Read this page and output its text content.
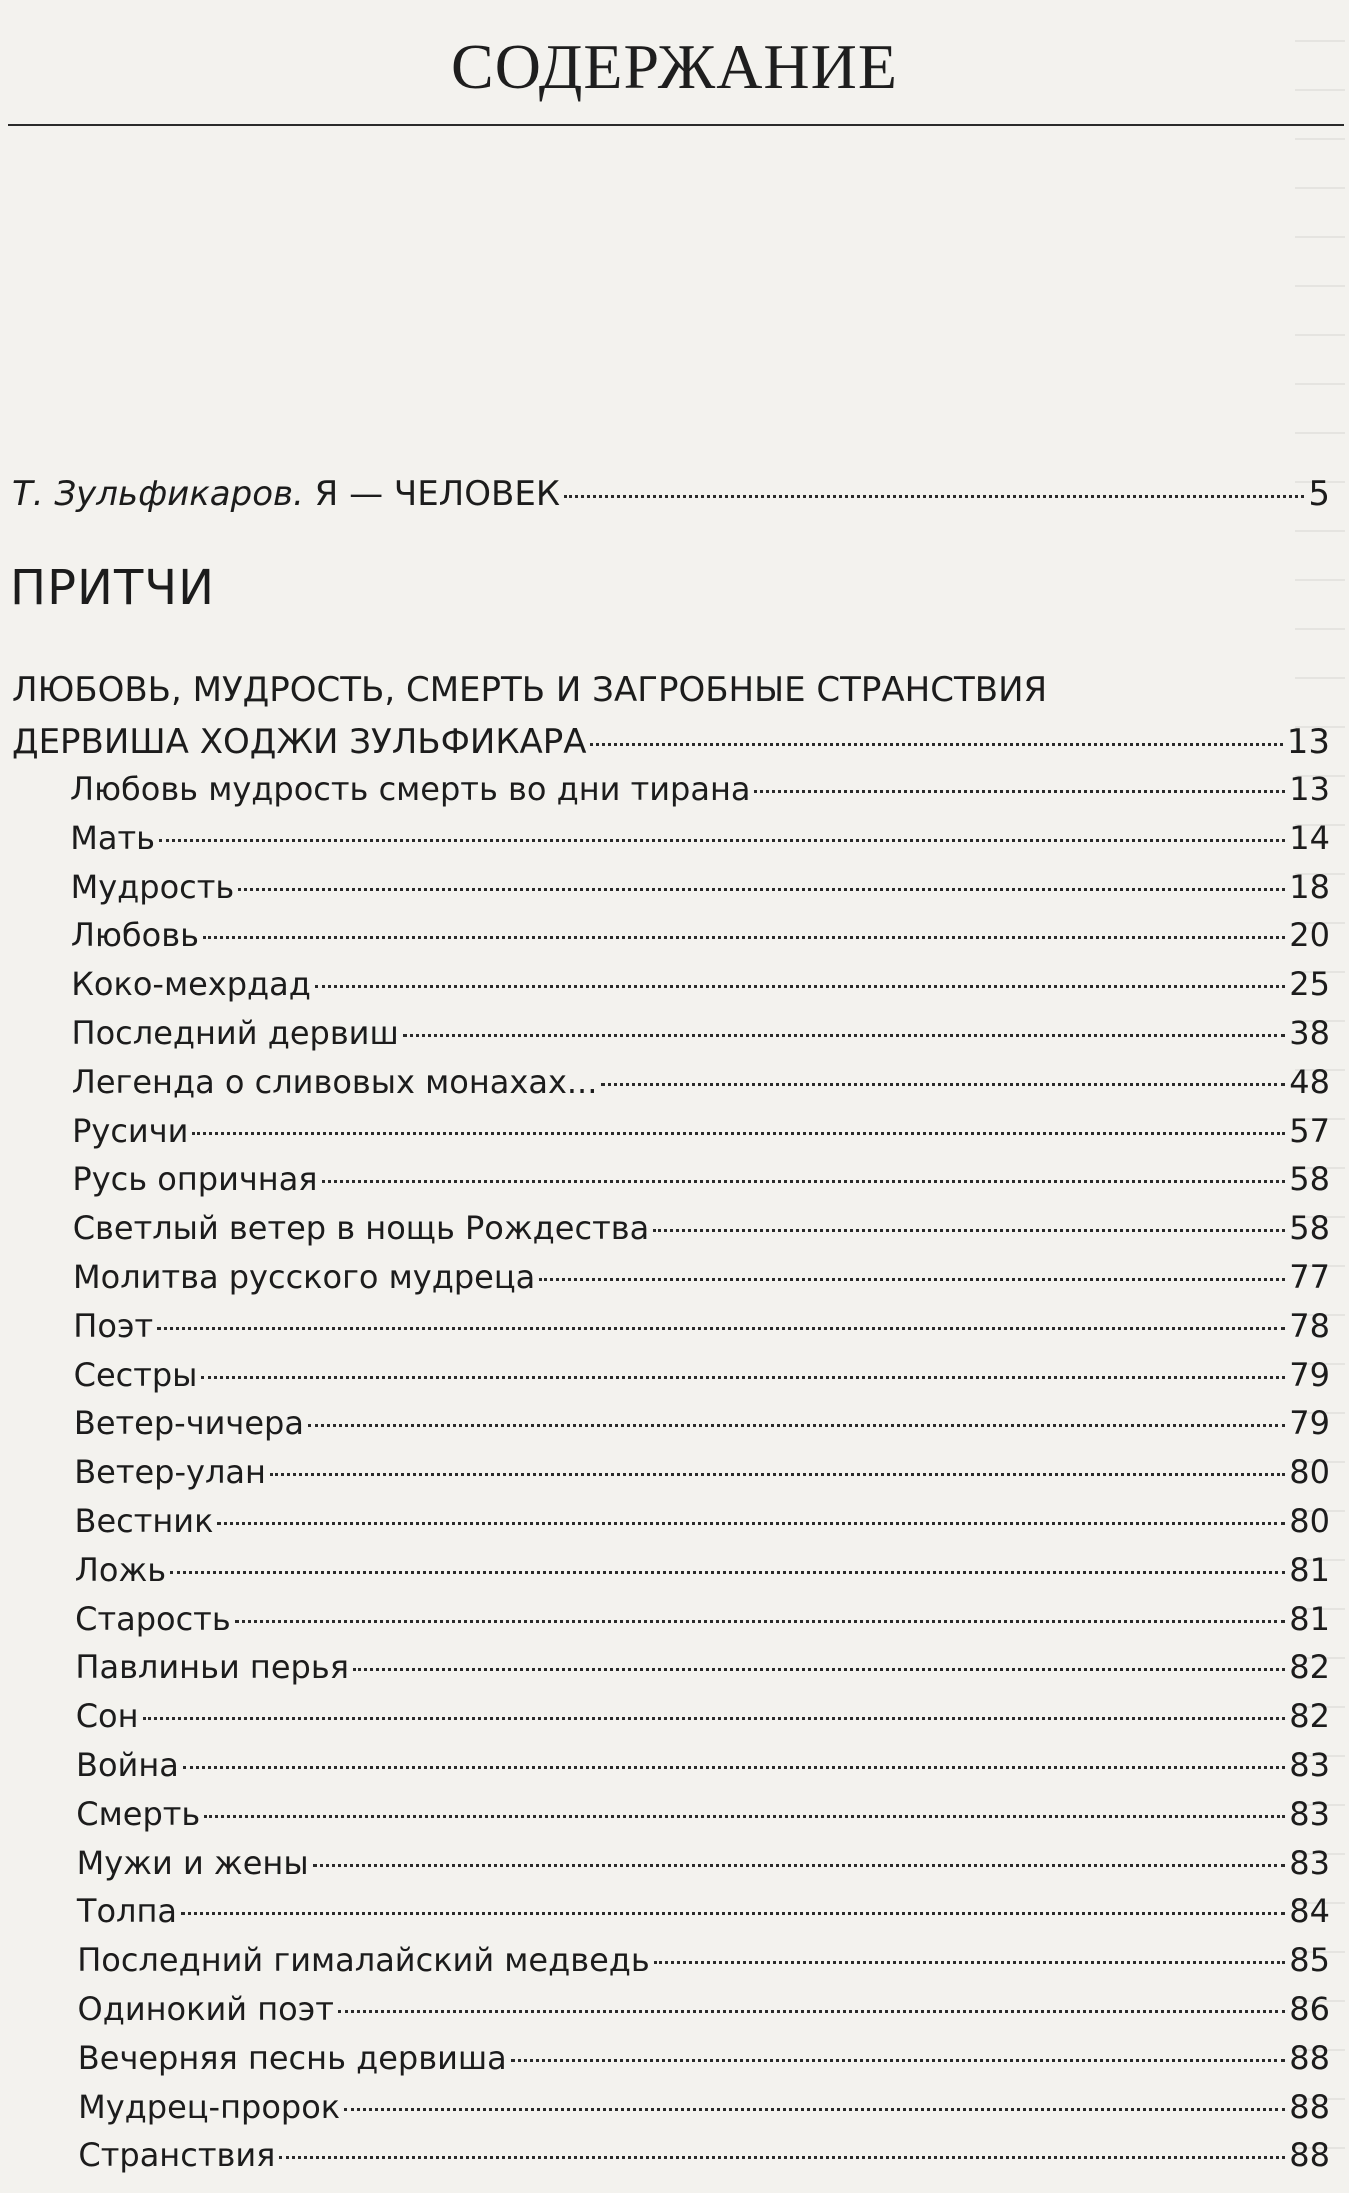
СОДЕРЖАНИЕ
Т. Зульфикаров.
Я — ЧЕЛОВЕК	5
ПРИТЧИ
ЛЮБОВЬ, МУДРОСТЬ, СМЕРТЬ И ЗАГРОБНЫЕ СТРАНСТВИЯ
ДЕРВИША ХОДЖИ ЗУЛЬФИКАРА	13
Любовь мудрость смерть во дни тирана	13
Мать	14
Мудрость	18
Любовь	20
Коко-мехрдад	25
Последний дервиш	38
Легенда о сливовых монахах...	48
Русичи	57
Русь опричная	58
Светлый ветер в нощь Рождества	58
Молитва русского мудреца	77
Поэт	78
Сестры	79
Ветер-чичера	79
Ветер-улан	80
Вестник	80
Ложь	81
Старость	81
Павлиньи перья	82
Сон	82
Война	83
Смерть	83
Мужи и жены	83
Толпа	84
Последний гималайский медведь	85
Одинокий поэт	86
Вечерняя песнь дервиша	88
Мудрец-пророк	88
Странствия	88
